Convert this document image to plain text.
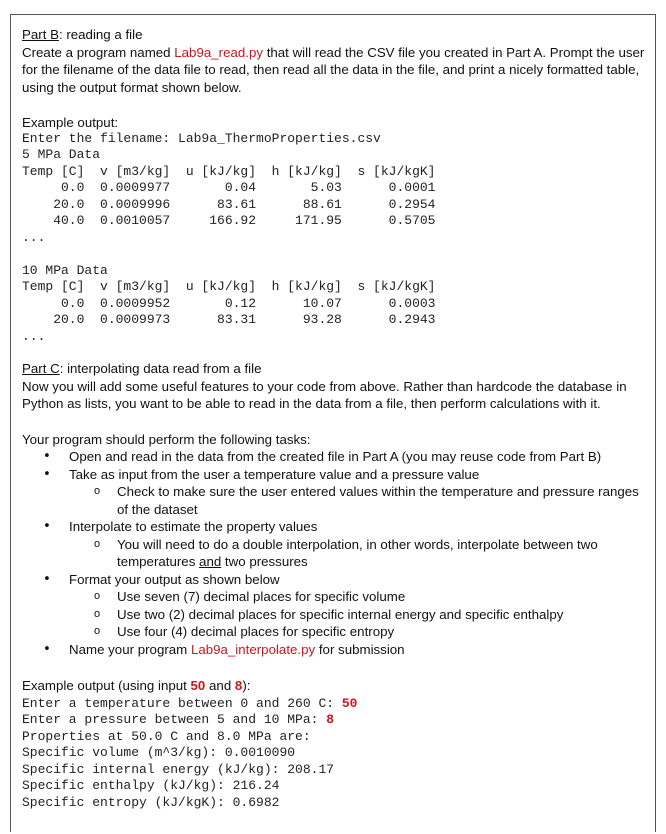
Part B: reading a file

Create a program named Lab9a_read.py that will read the CSV file you created in Part A. Prompt the user for the filename of the data file to read, then read all the data in the file, and print a nicely formatted table, using the output format shown below.

Example output:

Enter the filename: Lab9a_ThermoProperties.csv

5 MPa Data

Temp [C]  v [m3/kg]  u [kJ/kg]  h [kJ/kg]  s [kJ/kgK]

0.0  0.0009977       0.04       5.03      0.0001

20.0  0.0009996      83.61      88.61      0.2954

40.0  0.0010057     166.92     171.95      0.5705

...

10 MPa Data

Temp [C]  v [m3/kg]  u [kJ/kg]  h [kJ/kg]  s [kJ/kgK]

0.0  0.0009952       0.12      10.07      0.0003

20.0  0.0009973      83.31      93.28      0.2943

...

Part C: interpolating data read from a file

Now you will add some useful features to your code from above. Rather than hardcode the database in Python as lists, you want to be able to read in the data from a file, then perform calculations with it.

Your program should perform the following tasks:

• Open and read in the data from the created file in Part A (you may reuse code from Part B)
• Take as input from the user a temperature value and a pressure value
o Check to make sure the user entered values within the temperature and pressure ranges of the dataset
• Interpolate to estimate the property values
o You will need to do a double interpolation, in other words, interpolate between two temperatures and two pressures
• Format your output as shown below
o Use seven (7) decimal places for specific volume
o Use two (2) decimal places for specific internal energy and specific enthalpy
o Use four (4) decimal places for specific entropy
• Name your program Lab9a_interpolate.py for submission

Example output (using input 50 and 8):

Enter a temperature between 0 and 260 C: 50

Enter a pressure between 5 and 10 MPa: 8

Properties at 50.0 C and 8.0 MPa are:

Specific volume (m^3/kg): 0.0010090

Specific internal energy (kJ/kg): 208.17

Specific enthalpy (kJ/kg): 216.24

Specific entropy (kJ/kgK): 0.6982
